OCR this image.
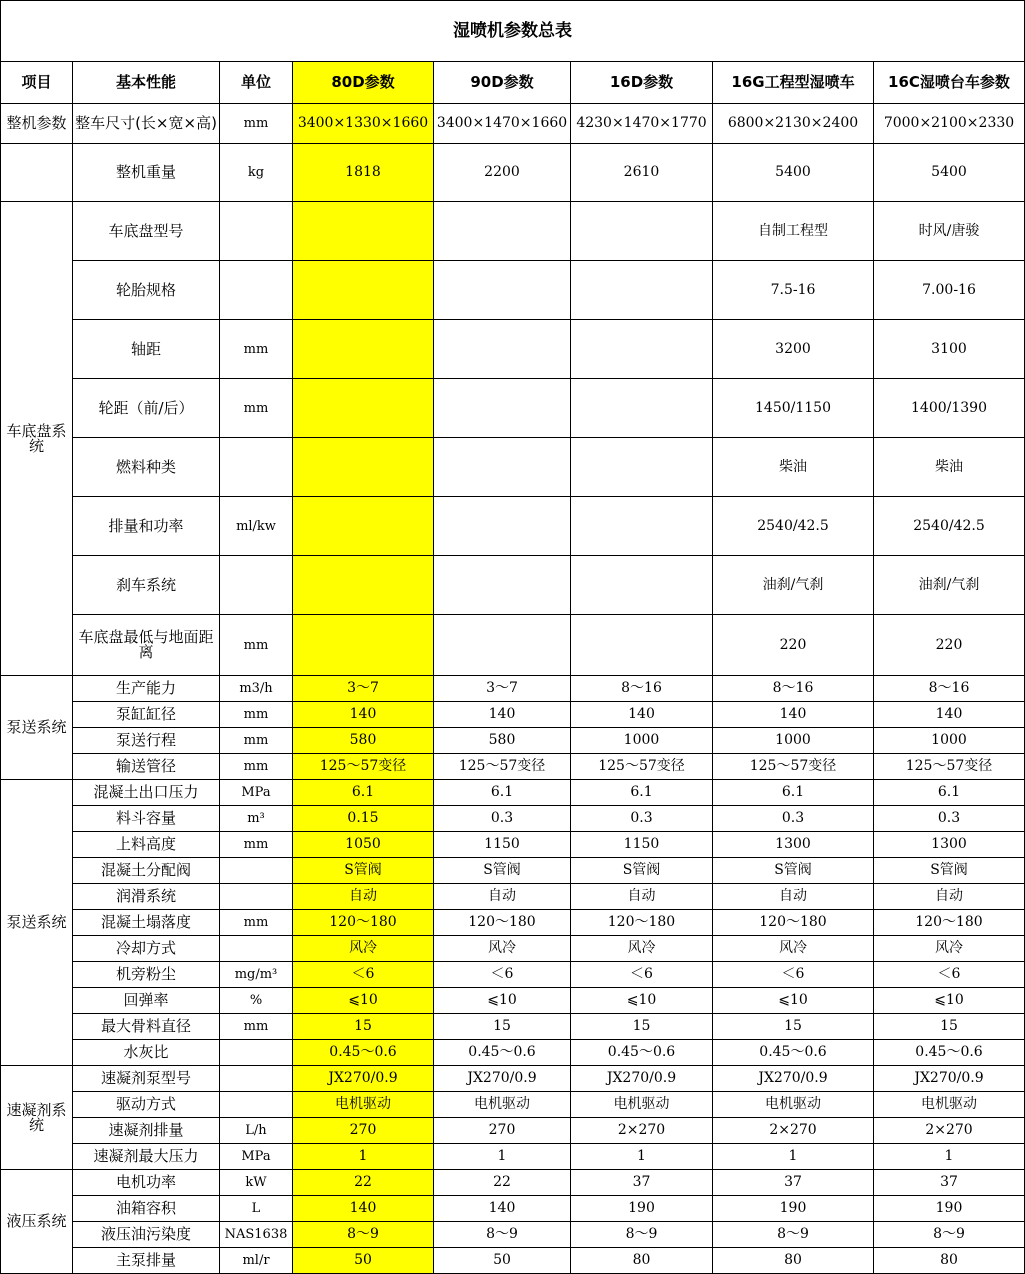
湿喷机参数总表							
项目	基本性能	单位	80D参数	90D参数	16D参数	16G工程型湿喷车	16C湿喷台车参数
整机参数	整车尺寸(长×宽×高)	mm	3400×1330×1660	3400×1470×1660	4230×1470×1770	6800×2130×2400	7000×2100×2330
	整机重量	kg	1818	2200	2610	5400	5400
车底盘系统	车底盘型号					自制工程型	时风/唐骏
	轮胎规格					7.5-16	7.00-16
	轴距	mm				3200	3100
	轮距（前/后）	mm				1450/1150	1400/1390
	燃料种类					柴油	柴油
	排量和功率	ml/kw				2540/42.5	2540/42.5
	刹车系统					油刹/气刹	油刹/气刹
	车底盘最低与地面距离	mm				220	220
泵送系统	生产能力	m3/h	3～7	3～7	8～16	8～16	8～16
	泵缸缸径	mm	140	140	140	140	140
	泵送行程	mm	580	580	1000	1000	1000
	输送管径	mm	125～57变径	125～57变径	125～57变径	125～57变径	125～57变径
泵送系统	混凝土出口压力	MPa	6.1	6.1	6.1	6.1	6.1
	料斗容量	m³	0.15	0.3	0.3	0.3	0.3
	上料高度	mm	1050	1150	1150	1300	1300
	混凝土分配阀		S管阀	S管阀	S管阀	S管阀	S管阀
	润滑系统		自动	自动	自动	自动	自动
	混凝土塌落度	mm	120～180	120～180	120～180	120～180	120～180
	冷却方式		风冷	风冷	风冷	风冷	风冷
	机旁粉尘	mg/m³	＜6	＜6	＜6	＜6	＜6
	回弹率	%	⩽10	⩽10	⩽10	⩽10	⩽10
	最大骨料直径	mm	15	15	15	15	15
	水灰比		0.45～0.6	0.45～0.6	0.45～0.6	0.45～0.6	0.45～0.6
速凝剂系统	速凝剂泵型号		JX270/0.9	JX270/0.9	JX270/0.9	JX270/0.9	JX270/0.9
	驱动方式		电机驱动	电机驱动	电机驱动	电机驱动	电机驱动
	速凝剂排量	L/h	270	270	2×270	2×270	2×270
	速凝剂最大压力	MPa	1	1	1	1	1
液压系统	电机功率	kW	22	22	37	37	37
	油箱容积	L	140	140	190	190	190
	液压油污染度	NAS1638	8～9	8～9	8～9	8～9	8～9
	主泵排量	ml/r	50	50	80	80	80
